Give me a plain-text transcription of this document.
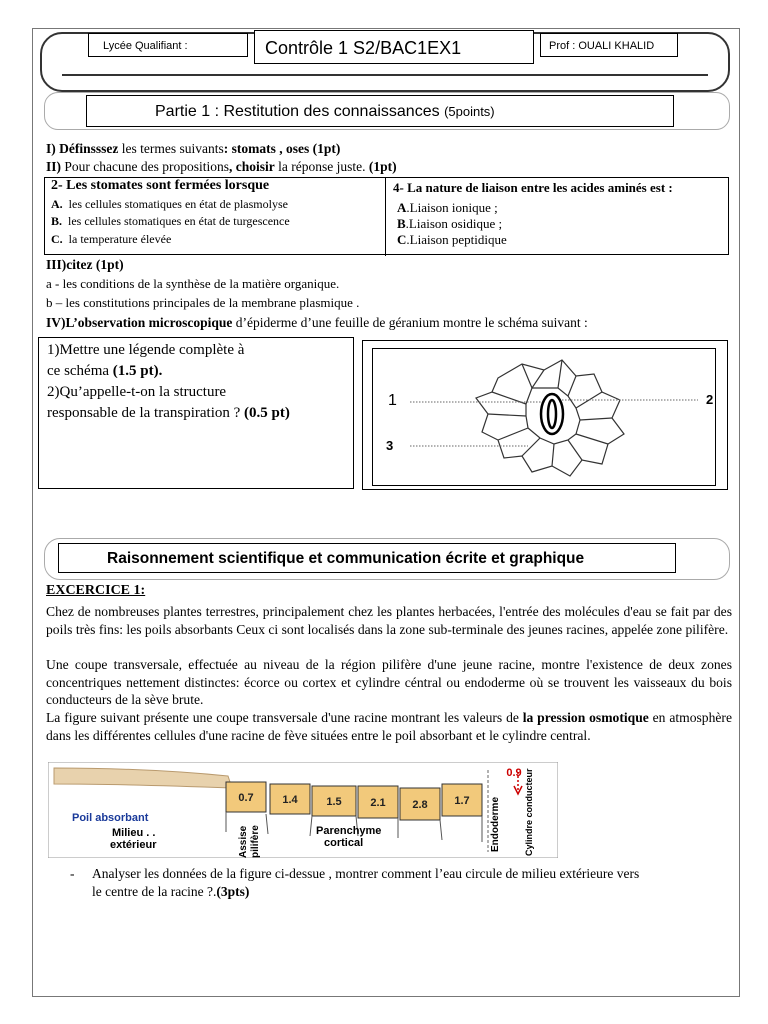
Lycée Qualifiant :	Contrôle 1 S2/BAC1EX1	Prof : OUALI KHALID
Partie 1 : Restitution des connaissances (5points)
I) Définsssez les termes suivants: stomats , oses (1pt)
II) Pour chacune des propositions, choisir la réponse juste. (1pt)
2- Les stomates sont fermées lorsque
A. les cellules stomatiques en état de plasmolyse
B. les cellules stomatiques en état de turgescence
C. la temperature élevée
4- La nature de liaison entre les acides aminés est :
A.Liaison ionique ;
B.Liaison osidique ;
C.Liaison peptidique
III)citez (1pt)
a - les conditions de la synthèse de la matière organique.
b – les constitutions principales de la membrane plasmique .
IV)L’observation microscopique d’épiderme d’une feuille de géranium montre le schéma suivant :
1)Mettre une légende complète à
ce schéma (1.5 pt).
2)Qu’appelle-t-on la structure
responsable de la transpiration ? (0.5 pt)
1	2
3
Raisonnement scientifique et communication écrite et graphique
EXCERCICE 1:
Chez de nombreuses plantes terrestres, principalement chez les plantes herbacées, l'entrée des molécules d'eau se fait par des poils très fins: les poils absorbants Ceux ci sont localisés dans la zone sub-terminale des jeunes racines, appelée zone pilifère.
Une coupe transversale, effectuée au niveau de la région pilifère d'une jeune racine, montre l'existence de deux zones concentriques nettement distinctes: écorce ou cortex et cylindre céntral ou endoderme où se trouvent les vaisseaux du bois conducteurs de la sève brute.
La figure suivant présente une coupe transversale d'une racine montrant les valeurs de la pression osmotique en atmosphère dans les différentes cellules d'une racine de fève situées entre le poil absorbant et le cylindre central.
0.7	1.4	1.5	2.1 2.8 1.7
0.9
Poil absorbant
Milieu . .
extérieur
Parenchyme
cortical
Assise pilifère	Endoderme	Cylindre conducteur
- Analyser les données de la figure ci-dessue , montrer comment l’eau circule de milieu extérieure vers
le centre de la racine ?.(3pts)
